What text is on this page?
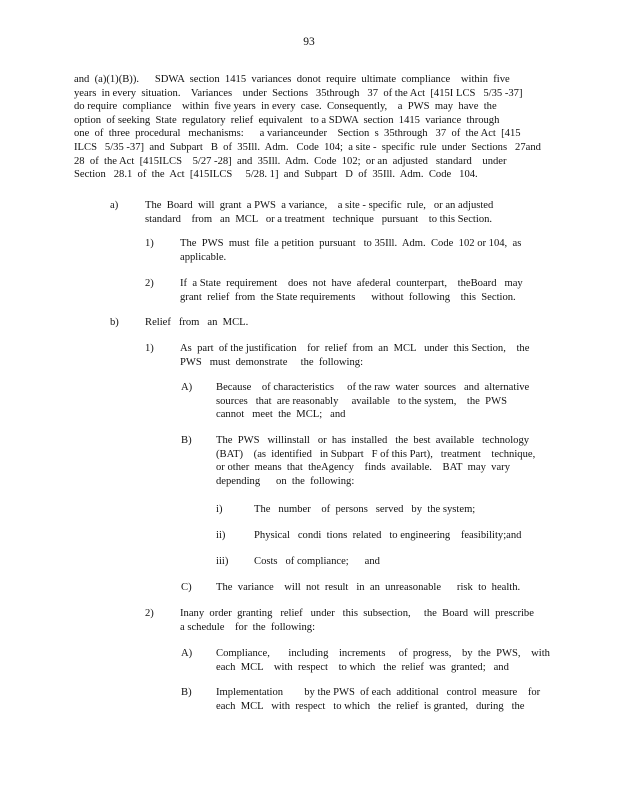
93
and  (a)(1)(B)).      SDWA  section  1415  variances  donot  require  ultimate  compliance    within  five
years  in every  situation.    Variances    under  Sections   35through   37  of the Act  [415I LCS   5/35 -37]
do require  compliance    within  five years  in every  case.  Consequently,    a  PWS  may  have  the
option  of seeking  State  regulatory  relief  equivalent   to a SDWA  section  1415  variance  through
one  of  three  procedural   mechanisms:      a varianceunder    Section  s  35through   37  of  the Act  [415
ILCS   5/35 -37]  and  Subpart   B  of  35Ill.  Adm.   Code  104;  a site -  specific  rule  under  Sections   27and
28  of  the Act  [415ILCS    5/27 -28]  and  35Ill.  Adm.  Code  102;  or an  adjusted   standard    under
Section   28.1  of  the  Act  [415ILCS     5/28. 1]  and  Subpart   D  of  35Ill.  Adm.  Code   104.
a)	The  Board  will  grant  a PWS  a variance,    a site - specific  rule,   or an adjusted
standard    from   an  MCL   or a treatment   technique   pursuant    to this Section.
1) The  PWS  must  file  a petition  pursuant   to 35Ill.  Adm.  Code  102 or 104,  as
applicable.
2) If  a State  requirement    does  not  have  afederal  counterpart,    theBoard   may
grant  relief  from  the State requirements      without  following    this  Section.
b) Relief   from   an  MCL.
1) As  part  of the justification    for  relief  from  an  MCL   under  this Section,    the
PWS   must  demonstrate     the  following:
A) Because    of characteristics     of the raw  water  sources   and  alternative
sources   that  are reasonably     available   to the system,    the  PWS
cannot   meet  the  MCL;   and
B) The  PWS   willinstall   or  has  installed   the  best  available   technology
(BAT)    (as  identified   in Subpart   F of this Part),   treatment    technique,
or other  means  that  theAgency    finds  available.    BAT  may  vary
depending      on  the  following:
i)	The   number    of  persons   served   by  the system;
ii)	Physical   condi  tions  related   to engineering    feasibility;and
iii) Costs   of compliance;      and
C) The  variance    will  not  result   in  an  unreasonable      risk  to  health.
2) Inany  order  granting   relief   under   this  subsection,     the  Board  will  prescribe
a schedule    for  the  following:
A) Compliance,       including    increments     of  progress,    by  the  PWS,    with
each  MCL    with  respect    to which   the  relief  was  granted;   and
B) Implementation        by the PWS  of each  additional   control  measure    for
each  MCL   with  respect   to which   the  relief  is granted,   during   the
